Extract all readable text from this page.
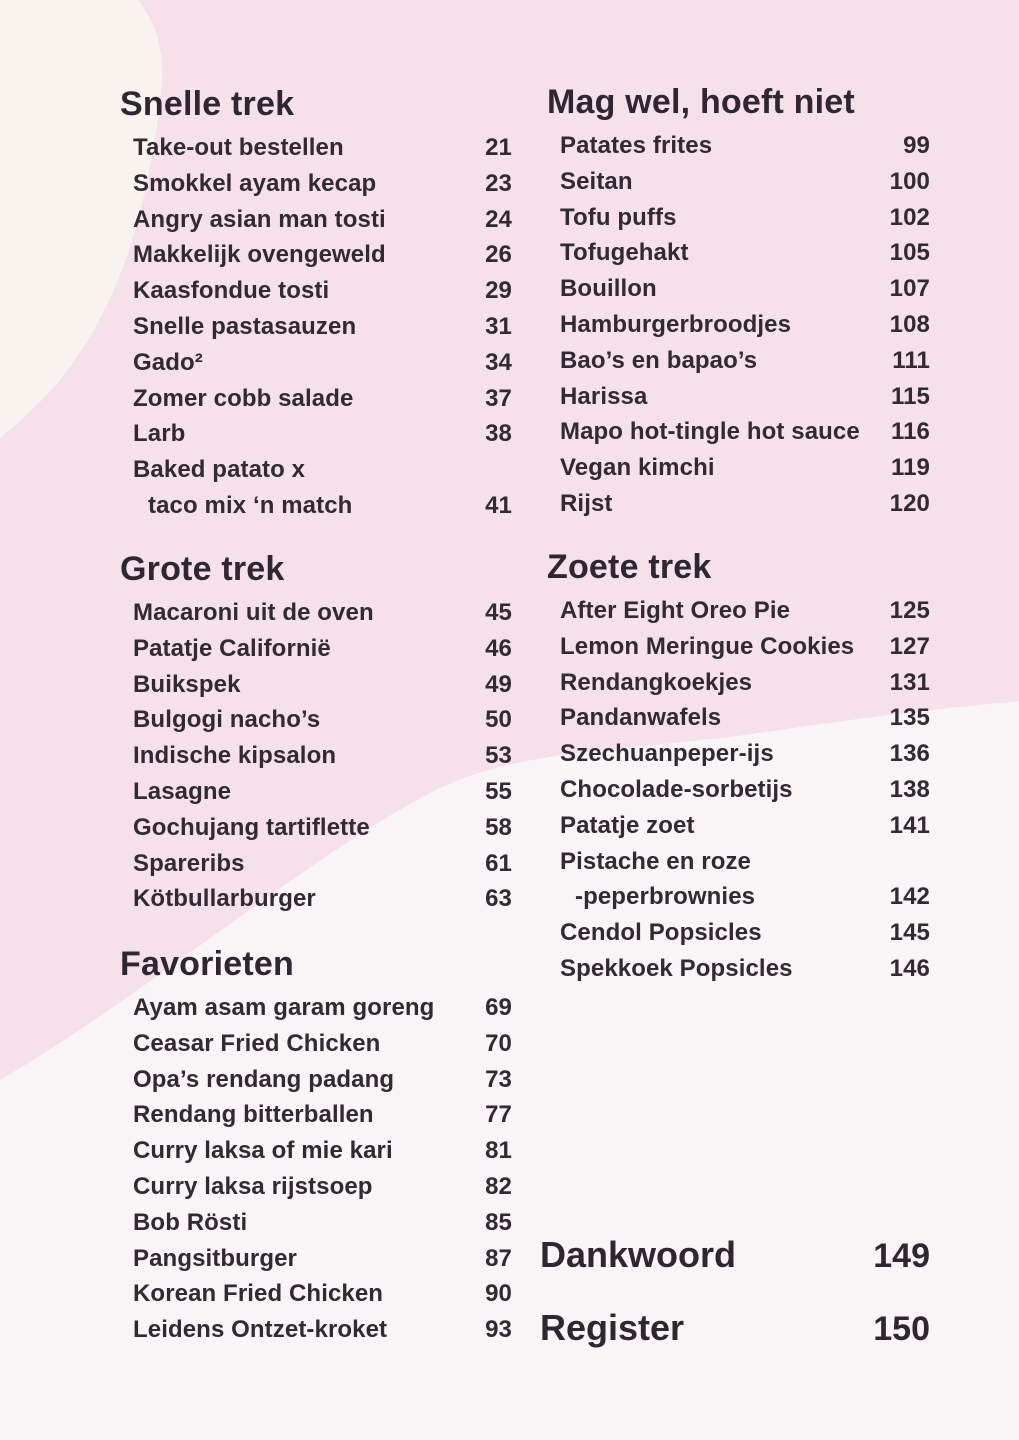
Snelle trek
Take-out bestellen	21
Smokkel ayam kecap	23
Angry asian man tosti	24
Makkelijk ovengeweld	26
Kaasfondue tosti	29
Snelle pastasauzen	31
Gado²	34
Zomer cobb salade	37
Larb	38
Baked patato x
taco mix ‘n match	41
Grote trek
Macaroni uit de oven	45
Patatje Californië	46
Buikspek	49
Bulgogi nacho’s	50
Indische kipsalon	53
Lasagne	55
Gochujang tartiflette	58
Spareribs	61
Kötbullarburger	63
Favorieten
Ayam asam garam goreng 69
Ceasar Fried Chicken	70
Opa’s rendang padang	73
Rendang bitterballen	77
Curry laksa of mie kari	81
Curry laksa rijstsoep	82
Bob Rösti	85
Pangsitburger	87
Korean Fried Chicken	90
Leidens Ontzet-kroket	93
Mag wel, hoeft niet
Patates frites	99
Seitan	100
Tofu puffs	102
Tofugehakt	105
Bouillon	107
Hamburgerbroodjes	108
Bao’s en bapao’s	111
Harissa	115
Mapo hot-tingle hot sauce 116
Vegan kimchi	119
Rijst	120
Zoete trek
After Eight Oreo Pie	125
Lemon Meringue Cookies 127
Rendangkoekjes	131
Pandanwafels	135
Szechuanpeper-ijs	136
Chocolade-sorbetijs	138
Patatje zoet	141
Pistache en roze
-peperbrownies	142
Cendol Popsicles	145
Spekkoek Popsicles	146
Dankwoord	149
Register	150
